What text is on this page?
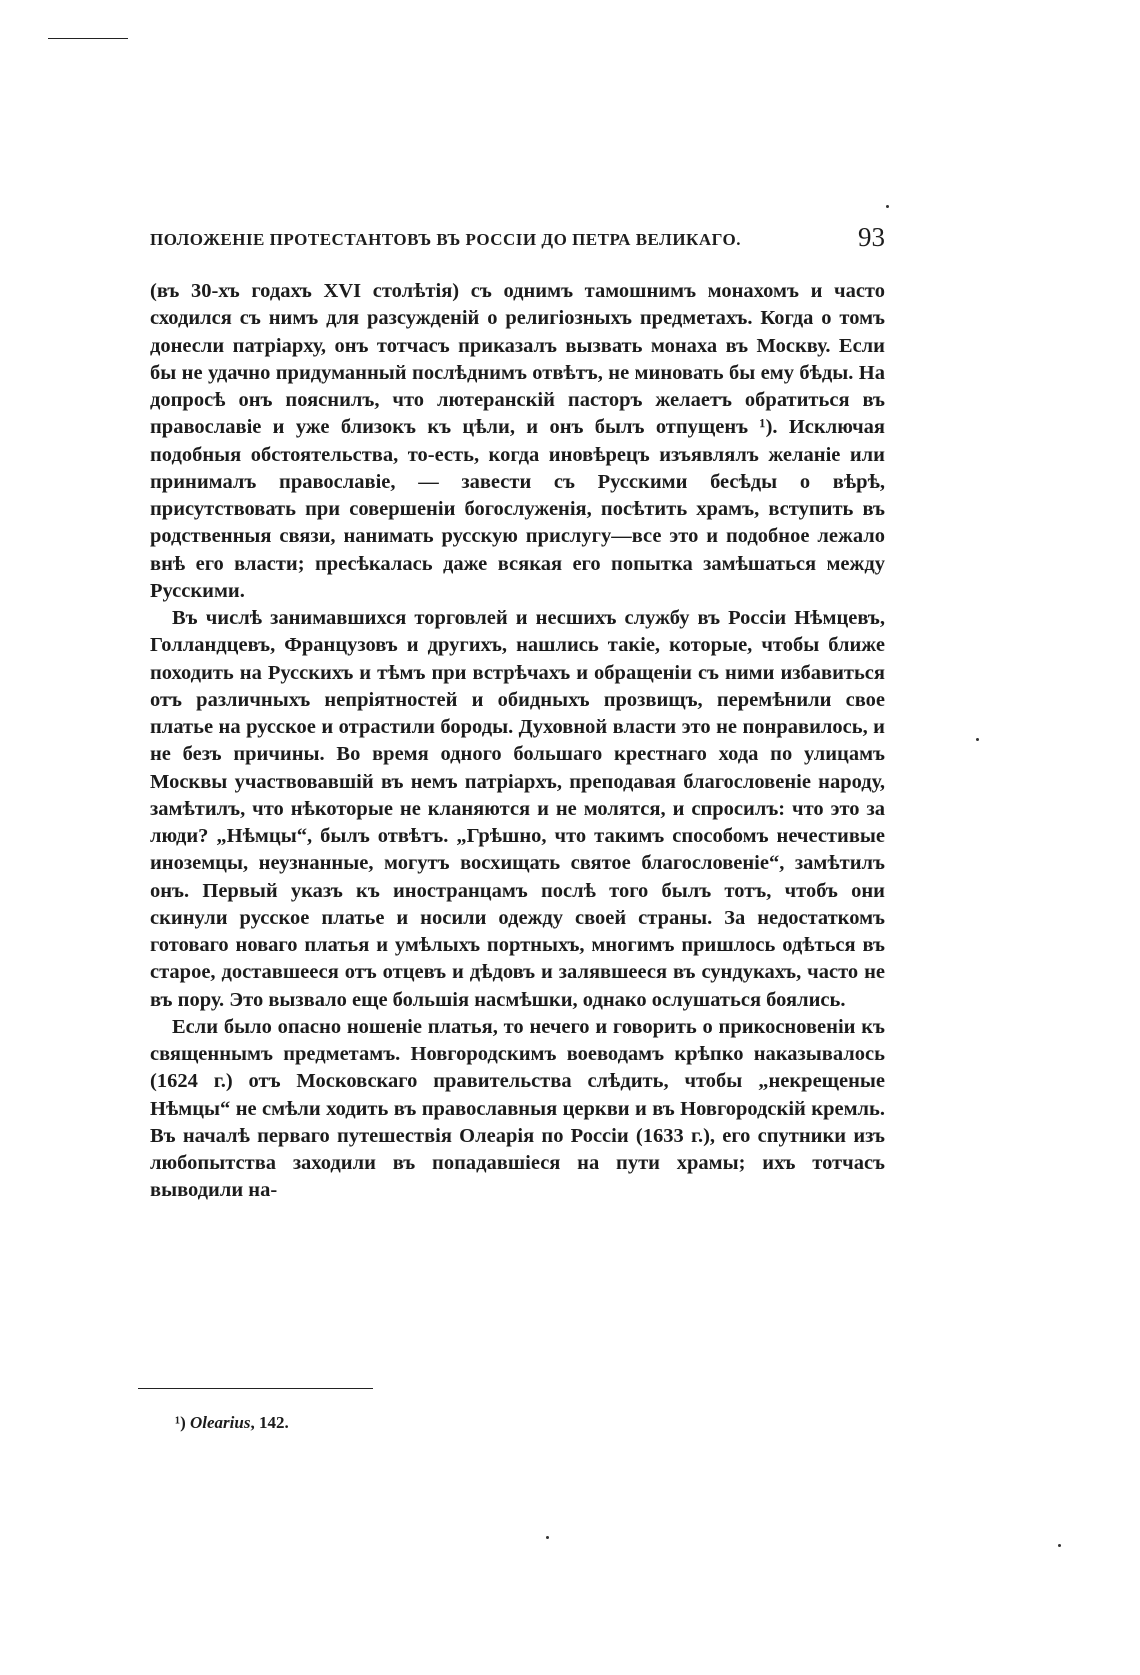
ПОЛОЖЕНІЕ ПРОТЕСТАНТОВЪ ВЪ РОССІИ ДО ПЕТРА ВЕЛИКАГО.	93

(въ 30-хъ годахъ XVI столѣтія) съ однимъ тамошнимъ монахомъ и часто сходился съ нимъ для разсужденій о религіозныхъ предметахъ. Когда о томъ донесли патріарху, онъ тотчасъ приказалъ вызвать монаха въ Москву. Если бы не удачно придуманный послѣднимъ отвѣтъ, не миновать бы ему бѣды. На допросѣ онъ пояснилъ, что лютеранскій пасторъ желаетъ обратиться въ православіе и уже близокъ къ цѣли, и онъ былъ отпущенъ ¹). Исключая подобныя обстоятельства, то-есть, когда иновѣрецъ изъявлялъ желаніе или принималъ православіе, — завести съ Русскими бесѣды о вѣрѣ, присутствовать при совершеніи богослуженія, посѣтить храмъ, вступить въ родственныя связи, нанимать русскую прислугу—все это и подобное лежало внѣ его власти; пресѣкалась даже всякая его попытка замѣшаться между Русскими.

Въ числѣ занимавшихся торговлей и несшихъ службу въ Россіи Нѣмцевъ, Голландцевъ, Французовъ и другихъ, нашлись такіе, которые, чтобы ближе походить на Русскихъ и тѣмъ при встрѣчахъ и обращеніи съ ними избавиться отъ различныхъ непріятностей и обидныхъ прозвищъ, перемѣнили свое платье на русское и отрастили бороды. Духовной власти это не понравилось, и не безъ причины. Во время одного большаго крестнаго хода по улицамъ Москвы участвовавшій въ немъ патріархъ, преподавая благословеніе народу, замѣтилъ, что нѣкоторые не кланяются и не молятся, и спросилъ: что это за люди? „Нѣмцы“, былъ отвѣтъ. „Грѣшно, что такимъ способомъ нечестивые иноземцы, неузнанные, могутъ восхищать святое благословеніе“, замѣтилъ онъ. Первый указъ къ иностранцамъ послѣ того былъ тотъ, чтобъ они скинули русское платье и носили одежду своей страны. За недостаткомъ готоваго новаго платья и умѣлыхъ портныхъ, многимъ пришлось одѣться въ старое, доставшееся отъ отцевъ и дѣдовъ и залявшееся въ сундукахъ, часто не въ пору. Это вызвало еще большія насмѣшки, однако ослушаться боялись.

Если было опасно ношеніе платья, то нечего и говорить о прикосновеніи къ священнымъ предметамъ. Новгородскимъ воеводамъ крѣпко наказывалось (1624 г.) отъ Московскаго правительства слѣдить, чтобы „некрещеные Нѣмцы“ не смѣли ходить въ православныя церкви и въ Новгородскій кремль. Въ началѣ перваго путешествія Олеарія по Россіи (1633 г.), его спутники изъ любопытства заходили въ попадавшіеся на пути храмы; ихъ тотчасъ выводили на-

¹) Olearius, 142.
